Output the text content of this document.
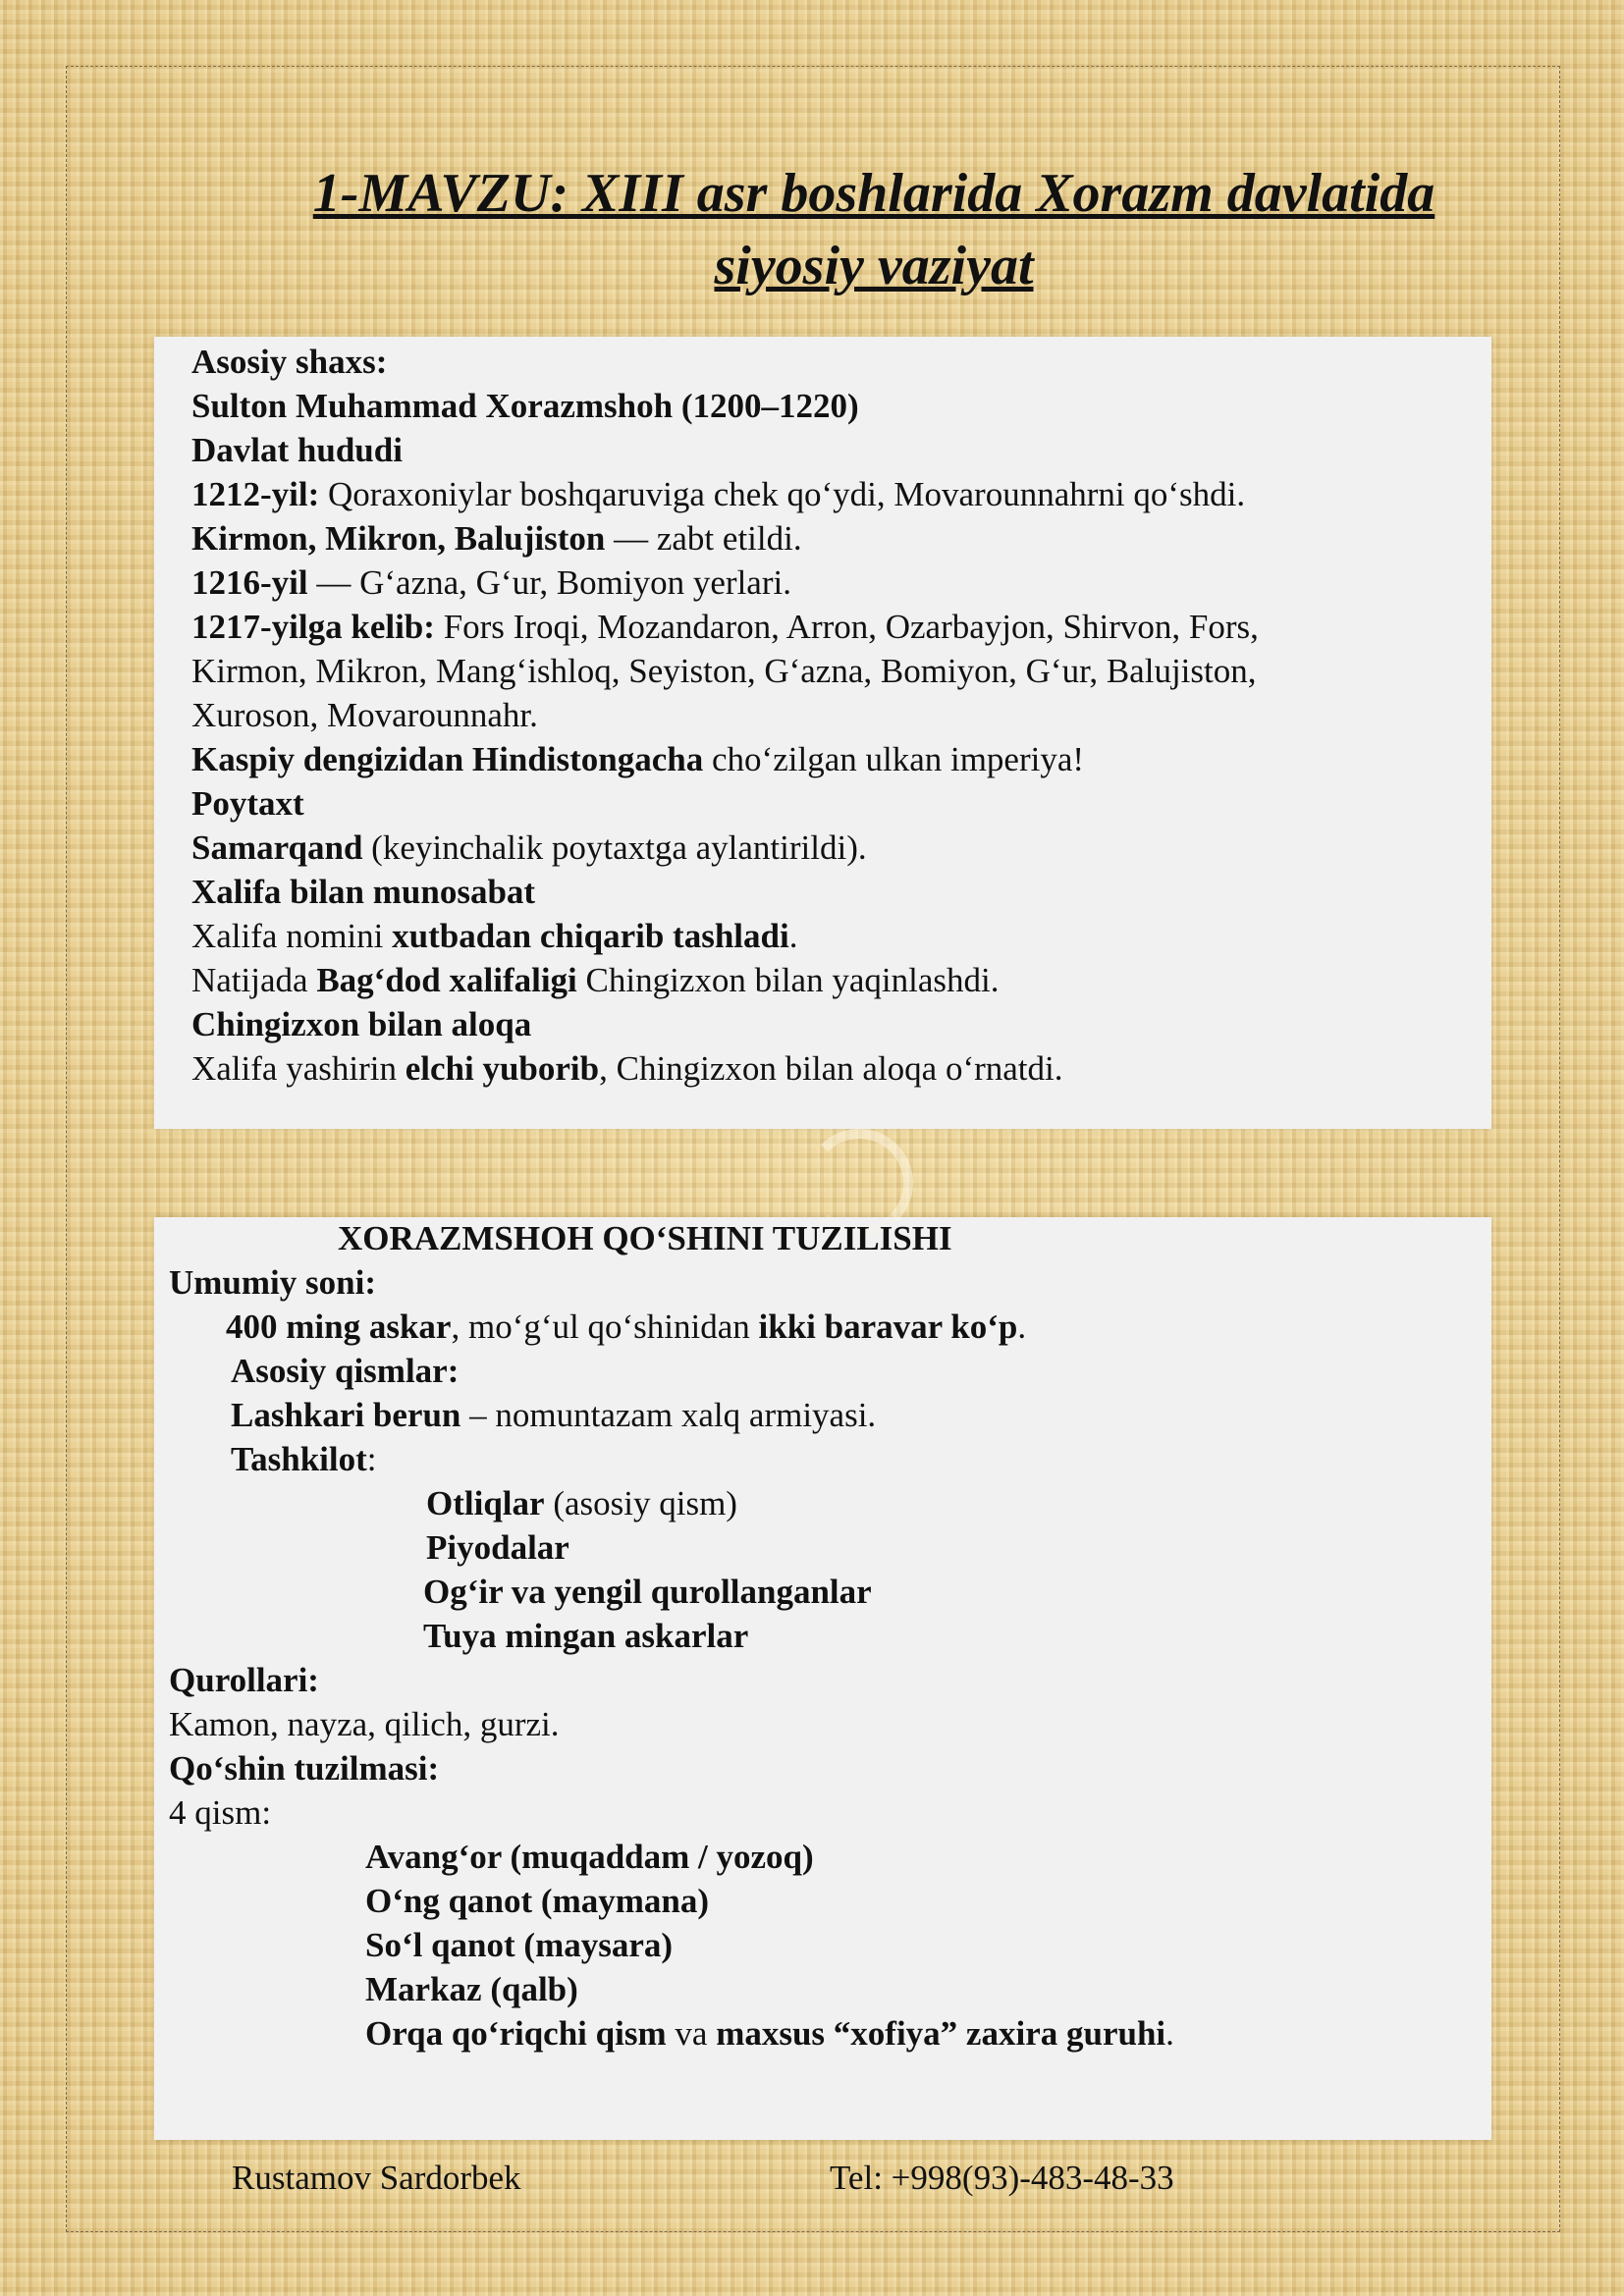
1-MAVZU: XIII asr boshlarida Xorazm davlatida
siyosiy vaziyat
Asosiy shaxs:
Sulton Muhammad Xorazmshoh (1200–1220)
Davlat hududi
1212-yil: Qoraxoniylar boshqaruviga chek qo‘ydi, Movarounnahrni qo‘shdi.
Kirmon, Mikron, Balujiston — zabt etildi.
1216-yil — G‘azna, G‘ur, Bomiyon yerlari.
1217-yilga kelib: Fors Iroqi, Mozandaron, Arron, Ozarbayjon, Shirvon, Fors,
Kirmon, Mikron, Mang‘ishloq, Seyiston, G‘azna, Bomiyon, G‘ur, Balujiston,
Xuroson, Movarounnahr.
Kaspiy dengizidan Hindistongacha cho‘zilgan ulkan imperiya!
Poytaxt
Samarqand (keyinchalik poytaxtga aylantirildi).
Xalifa bilan munosabat
Xalifa nomini xutbadan chiqarib tashladi.
Natijada Bag‘dod xalifaligi Chingizxon bilan yaqinlashdi.
Chingizxon bilan aloqa
Xalifa yashirin elchi yuborib, Chingizxon bilan aloqa o‘rnatdi.
XORAZMSHOH QO‘SHINI TUZILISHI
Umumiy soni:
400 ming askar, mo‘g‘ul qo‘shinidan ikki baravar ko‘p.
Asosiy qismlar:
Lashkari berun – nomuntazam xalq armiyasi.
Tashkilot:
Otliqlar (asosiy qism)
Piyodalar
Og‘ir va yengil qurollanganlar
Tuya mingan askarlar
Qurollari:
Kamon, nayza, qilich, gurzi.
Qo‘shin tuzilmasi:
4 qism:
Avang‘or (muqaddam / yozoq)
O‘ng qanot (maymana)
So‘l qanot (maysara)
Markaz (qalb)
Orqa qo‘riqchi qism va maxsus “xofiya” zaxira guruhi.
Rustamov Sardorbek	Tel: +998(93)-483-48-33
